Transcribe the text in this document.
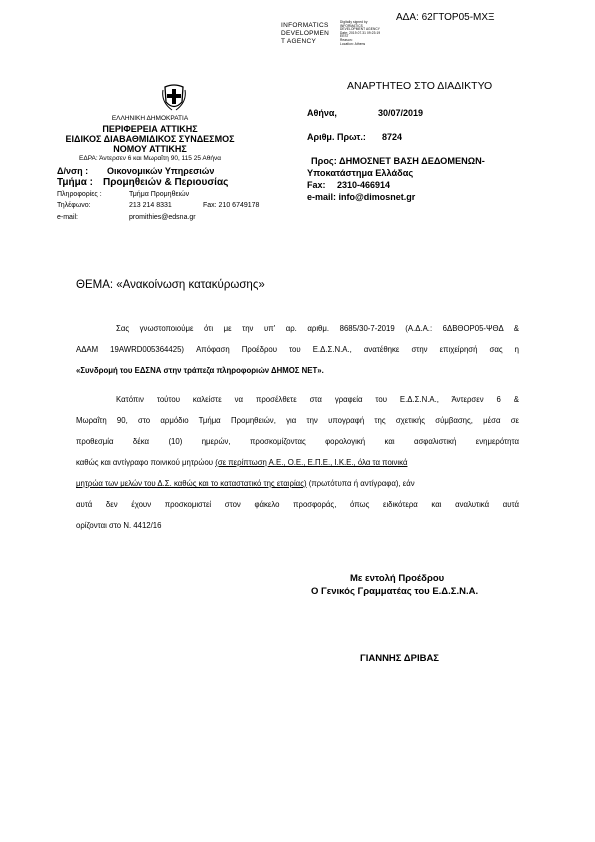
ΑΔΑ: 62ΓΤΟΡ05-ΜΧΞ
INFORMATICS
DEVELOPMEN
T AGENCY
Digitally signed by
INFORMATICS
DEVELOPMENT AGENCY
Date: 2019.07.31 09:23:19
EEST
Reason:
Location: Athens
ΑΝΑΡΤΗΤΕΟ ΣΤΟ ΔΙΑΔΙΚΤΥΟ
ΕΛΛΗΝΙΚΗ ΔΗΜΟΚΡΑΤΙΑ
ΠΕΡΙΦΕΡΕΙΑ ΑΤΤΙΚΗΣ
ΕΙΔΙΚΟΣ ΔΙΑΒΑΘΜΙΔΙΚΟΣ ΣΥΝΔΕΣΜΟΣ
ΝΟΜΟΥ ΑΤΤΙΚΗΣ
ΕΔΡΑ: Άντερσεν 6 και Μωραΐτη 90, 115 25 Αθήνα
Δ/νση : Οικονομικών Υπηρεσιών
Τμήμα : Προμηθειών & Περιουσίας
Πληροφορίες :	Τμήμα Προμηθειών
Τηλέφωνο:	213 214 8331	Fax: 210 6749178
e-mail:	promithies@edsna.gr
Αθήνα,	30/07/2019
Αριθμ. Πρωτ.: 8724
Προς: ΔΗΜΟΣΝΕΤ ΒΑΣΗ ΔΕΔΟΜΕΝΩΝ-
Υποκατάστημα Ελλάδας
Fax: 2310-466914
e-mail: info@dimosnet.gr
ΘΕΜΑ: «Ανακοίνωση κατακύρωσης»
Σας γνωστοποιούμε ότι με την υπ' αρ. αριθμ. 8685/30-7-2019 (Α.Δ.Α.: 6ΔΒΘΟΡ05-ΨΘΔ &
ΑΔΑΜ 19AWRD005364425) Απόφαση Προέδρου του Ε.Δ.Σ.Ν.Α., ανατέθηκε στην επιχείρησή σας η
«Συνδρομή του ΕΔΣΝΑ στην τράπεζα πληροφοριών ΔΗΜΟΣ ΝΕΤ».
Κατόπιν τούτου καλείστε να προσέλθετε στα γραφεία του Ε.Δ.Σ.Ν.Α., Άντερσεν 6 &
Μωραΐτη 90, στο αρμόδιο Τμήμα Προμηθειών, για την υπογραφή της σχετικής σύμβασης, μέσα σε
προθεσμία δέκα (10) ημερών, προσκομίζοντας φορολογική και ασφαλιστική ενημερότητα
καθώς και αντίγραφο ποινικού μητρώου (σε περίπτωση Α.Ε., Ο.Ε., Ε.Π.Ε., Ι.Κ.Ε., όλα τα ποινικά
μητρώα των μελών του Δ.Σ. καθώς και το καταστατικό της εταιρίας) (πρωτότυπα ή αντίγραφα), εάν
αυτά δεν έχουν προσκομιστεί στον φάκελο προσφοράς, όπως ειδικότερα και αναλυτικά αυτά
ορίζονται στο Ν. 4412/16
Με εντολή Προέδρου
Ο Γενικός Γραμματέας του Ε.Δ.Σ.Ν.Α.
ΓΙΑΝΝΗΣ ΔΡΙΒΑΣ
